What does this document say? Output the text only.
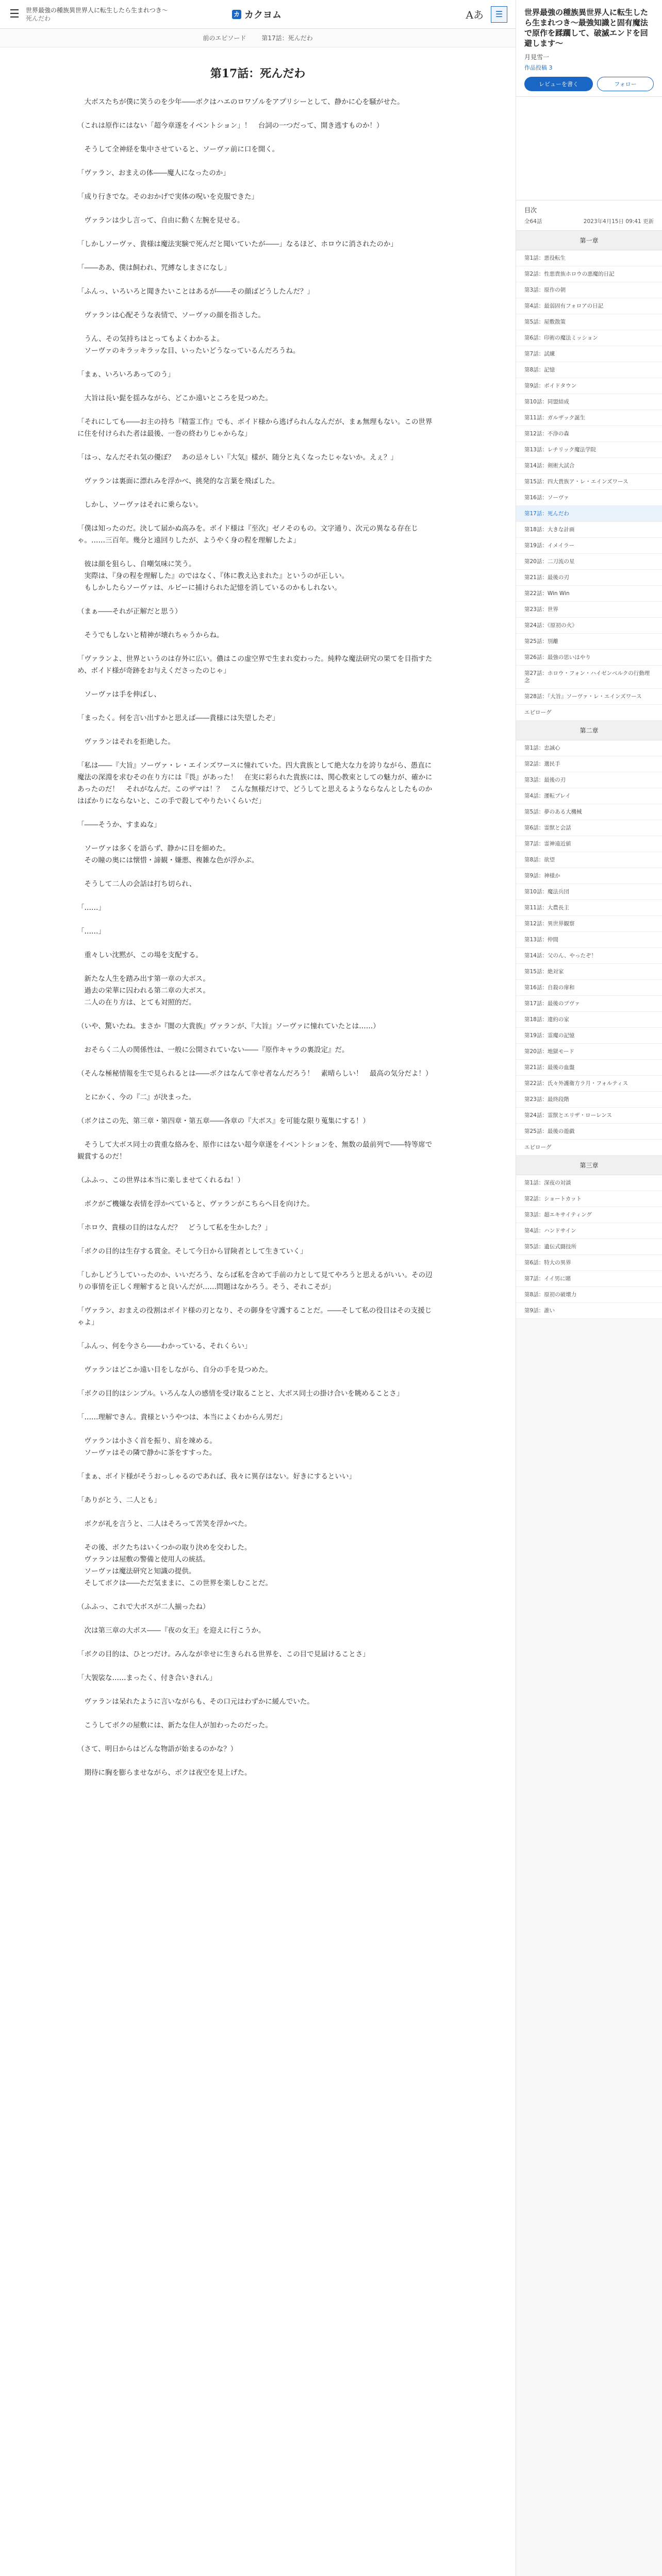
☰	世界最強の種族異世界人に転生したら生まれつき〜
死んだわ
カ カクヨム	Aあ	☰
前のエピソード	第17話：死んだわ
第17話：死んだわ

　大ボスたちが僕に笑うのを少年――ボクはハエのロワゾルをアプリシーとして、静かに心を騒がせた。

（これは原作にはない「超今章遂をイベントション」！　台詞の一つだって、開き逃すものか！）

　そうして全神経を集中させていると、ソーヴァ前に口を開く。

「ヴァラン、おまえの体――魔人になったのか」

「成り行きでな。そのおかげで実体の呪いを克服できた」

　ヴァランは少し言って、自由に動く左腕を見せる。

「しかしソーヴァ、貴様は魔法実験で死んだと聞いていたが――」なるほど、ホロウに消されたのか」

「――ああ、僕は飼われ、咒縛なしまさになし」

「ふんっ、いろいろと聞きたいことはあるが――その顔ばどうしたんだ？」

　ヴァランは心配そうな表情で、ソーヴァの顔を指さした。

　うん、その気持ちはとってもよくわかるよ。

　ソーヴァのキラッキラッな目、いったいどうなっているんだろうね。

「まぁ、いろいろあってのう」

　大旨は長い髭を揺みながら、どこか遠いところを見つめた。

「それにしても――お主の持ち『精霊工作』でも、ボイド様から逃げられんなんだが、まぁ無理もない。この世界に住を付けられた者は最後、一巻の終わりじゃからな」

「はっ、なんだそれ気の優ぼ？　あの忌々しい『大気』樣が、随分と丸くなったじゃないか。えぇ？」

　ヴァランは裏面に漂れみを浮かべ、挑発的な言葉を飛ばした。

　しかし、ソーヴァはそれに乗らない。

「僕は知ったのだ。決して届かぬ高みを。ボイド様は『至次』ゼノそのもの。文字通り、次元の異なる存在じゃ。……三百年。幾分と遠回りしたが、ようやく身の程を理解したよ」

　彼は顔を狙らし、自嘲気味に笑う。

　実際は、『身の程を理解した』のではなく、『体に教え込まれた』というのが正しい。

　もしかしたらソーヴァは、ルビーに捕けられた記憶を消しているのかもしれない。

（まぁ――それが正解だと思う）

　そうでもしないと精神が壊れちゃうからね。

「ヴァランよ、世界というのは存外に広い。儂はこの虚空界で生まれ変わった。純粋な魔法研究の果てを目指すため、ボイド様が奇跡をお与えくださったのじゃ」

　ソーヴァは手を伸ばし、

「まったく。何を言い出すかと思えば――貴様には失望したぞ」

　ヴァランはそれを拒絶した。

「私は――『大旨』ソーヴァ・レ・エインズワースに憧れていた。四大貴族として絶大な力を誇りながら、愚直に魔法の深淵を求むその在り方には『畏』があった！　在実に彩られた貴族には、関心教束としての魅力が、確かにあったのだ！　それがなんだ。このザマは！？　こんな無様だけで、どうしてと思えるようならなんとしたものかはばかりにならないと、この手で殺してやりたいくらいだ」

「――そうか、すまぬな」

　ソーヴァは多くを語らず、静かに目を細めた。

　その瞳の奥には懐惜・諦観・嫌悪、複雑な色が浮かぶ。

　そうして二人の会話は打ち切られ、

「……」

「……」

　重々しい沈黙が、この場を支配する。

　新たな人生を踏み出す第一章の大ボス。

　過去の栄華に囚われる第二章の大ボス。

　二人の在り方は、とても対照的だ。

（いや、驚いたね。まさか『闇の大貴族』ヴァランが、『大旨』ソーヴァに憧れていたとは……）

　おそらく二人の関係性は、一般に公開されていない――『原作キャラの裏設定』だ。

（そんな極秘情報を生で見られるとは――ボクはなんて幸せ者なんだろう！　素晴らしい！　最高の気分だよ！）

　とにかく、今の『二』が決まった。

（ボクはこの先、第三章・第四章・第五章――各章の『大ボス』を可能な限り蒐集にする！）

　そうして大ボス同士の貴重な絡みを、原作にはない超今章遂をイベントションを、無数の最前列で――特等席で観賞するのだ！

（ふふっ、この世界は本当に楽しませてくれるね！）

　ボクがご機嫌な表情を浮かべていると、ヴァランがこちらへ目を向けた。

「ホロウ、貴様の目的はなんだ？　どうして私を生かした？」

「ボクの目的は生存する賞金。そして今日から冒険者として生きていく」

「しかしどうしていったのか、いいだろう、ならば私を含めて手前の力として見てやろうと思えるがいい。その辺りの事情を正しく理解すると良いんだが……問題はなかろう。そう、それこそが」

「ヴァラン、おまえの役割はボイド様の刃となり、その御身を守護することだ。――そして私の役目はその支援じゃよ」

「ふんっ、何を今さら――わかっている、それくらい」

　ヴァランはどこか遠い目をしながら、自分の手を見つめた。

「ボクの目的はシンプル。いろんな人の感情を受け取ることと、大ボス同士の掛け合いを眺めることさ」

「……理解できん。貴様というやつは、本当によくわからん男だ」

　ヴァランは小さく首を振り、肩を竦める。

　ソーヴァはその隣で静かに茶をすすった。

「まぁ、ボイド様がそうおっしゃるのであれば、我々に異存はない。好きにするといい」

「ありがとう、二人とも」

　ボクが礼を言うと、二人はそろって苦笑を浮かべた。

　その後、ボクたちはいくつかの取り決めを交わした。

　ヴァランは屋敷の警備と使用人の統括。

　ソーヴァは魔法研究と知識の提供。

　そしてボクは――ただ気ままに、この世界を楽しむことだ。

（ふふっ、これで大ボスが二人揃ったね）

　次は第三章の大ボス――『夜の女王』を迎えに行こうか。

「ボクの目的は、ひとつだけ。みんなが幸せに生きられる世界を、この目で見届けることさ」

「大袈裟な……まったく、付き合いきれん」

　ヴァランは呆れたように言いながらも、その口元はわずかに緩んでいた。

　こうしてボクの屋敷には、新たな住人が加わったのだった。

（さて、明日からはどんな物語が始まるのかな？）

　期待に胸を膨らませながら、ボクは夜空を見上げた。

世界最強の種族異世界人に転生したら生まれつき〜最強知識と固有魔法で原作を蹂躙して、破滅エンドを回避します〜
月見雪一
作品投稿 3
レビューを書く	フォロー
目次
全64話	2023年4月15日 09:41 更新
第一章
第1話：悪役転生
第2話：性悪貴族ホロウの悪魔的日記
第3話：原作の朝
第4話：最弱固有フォロアの日記
第5話：屋敷散策
第6話：印術の魔法ミッション
第7話：試練
第8話：記憶
第9話：ボイドタウン
第10話：同盟結成
第11話：ガルザック誕生
第12話：不浄の森
第13話：レチリック魔法学院
第14話：剣術大試合
第15話：四大貴族ア・レ・エインズワース
第16話：ソーヴァ
第17話：死んだわ
第18話：大きな計画
第19話：イメイラー
第20話：二刀流の星
第21話：最後の刃
第22話：Win Win
第23話：世界
第24話：《原初の火》
第25話：別離
第26話：最強の思いはやり
第27話：ホロウ・フォン・ハイゼンベルクの行動理念
第28話：『大旨』ソーヴァ・レ・エインズワース
エピローグ
第二章
第1話：忠誠心
第2話：選民手
第3話：最後の刃
第4話：運転ブレイ
第5話：夢のある大機械
第6話：霊獣と会話
第7話：霊神遠近値
第8話：欲望
第9話：神様か
第10話：魔法兵団
第11話：大農長主
第12話：異世界観察
第13話：仲間
第14話：父のん、やったぞ！
第15話：絶対家
第16話：自殺の扉和
第17話：最後のプヴァ
第18話：違約の家
第19話：霊魔の記憶
第20話：地獄モード
第21話：最後の血盤
第22話：氏々外護衛方ラ月・フォルティス
第23話：最終段階
第24話：霊獣とエリザ・ローレンス
第25話：最後の遊戯
エピローグ
第三章
第1話：深夜の対談
第2話：ショートカット
第3話：超エキサイティング
第4話：ハンドサイン
第5話：遺伝式闘技所
第6話：特大の異界
第7話：イイ男に賭
第8話：原初の破壊力
第9話：誰い
